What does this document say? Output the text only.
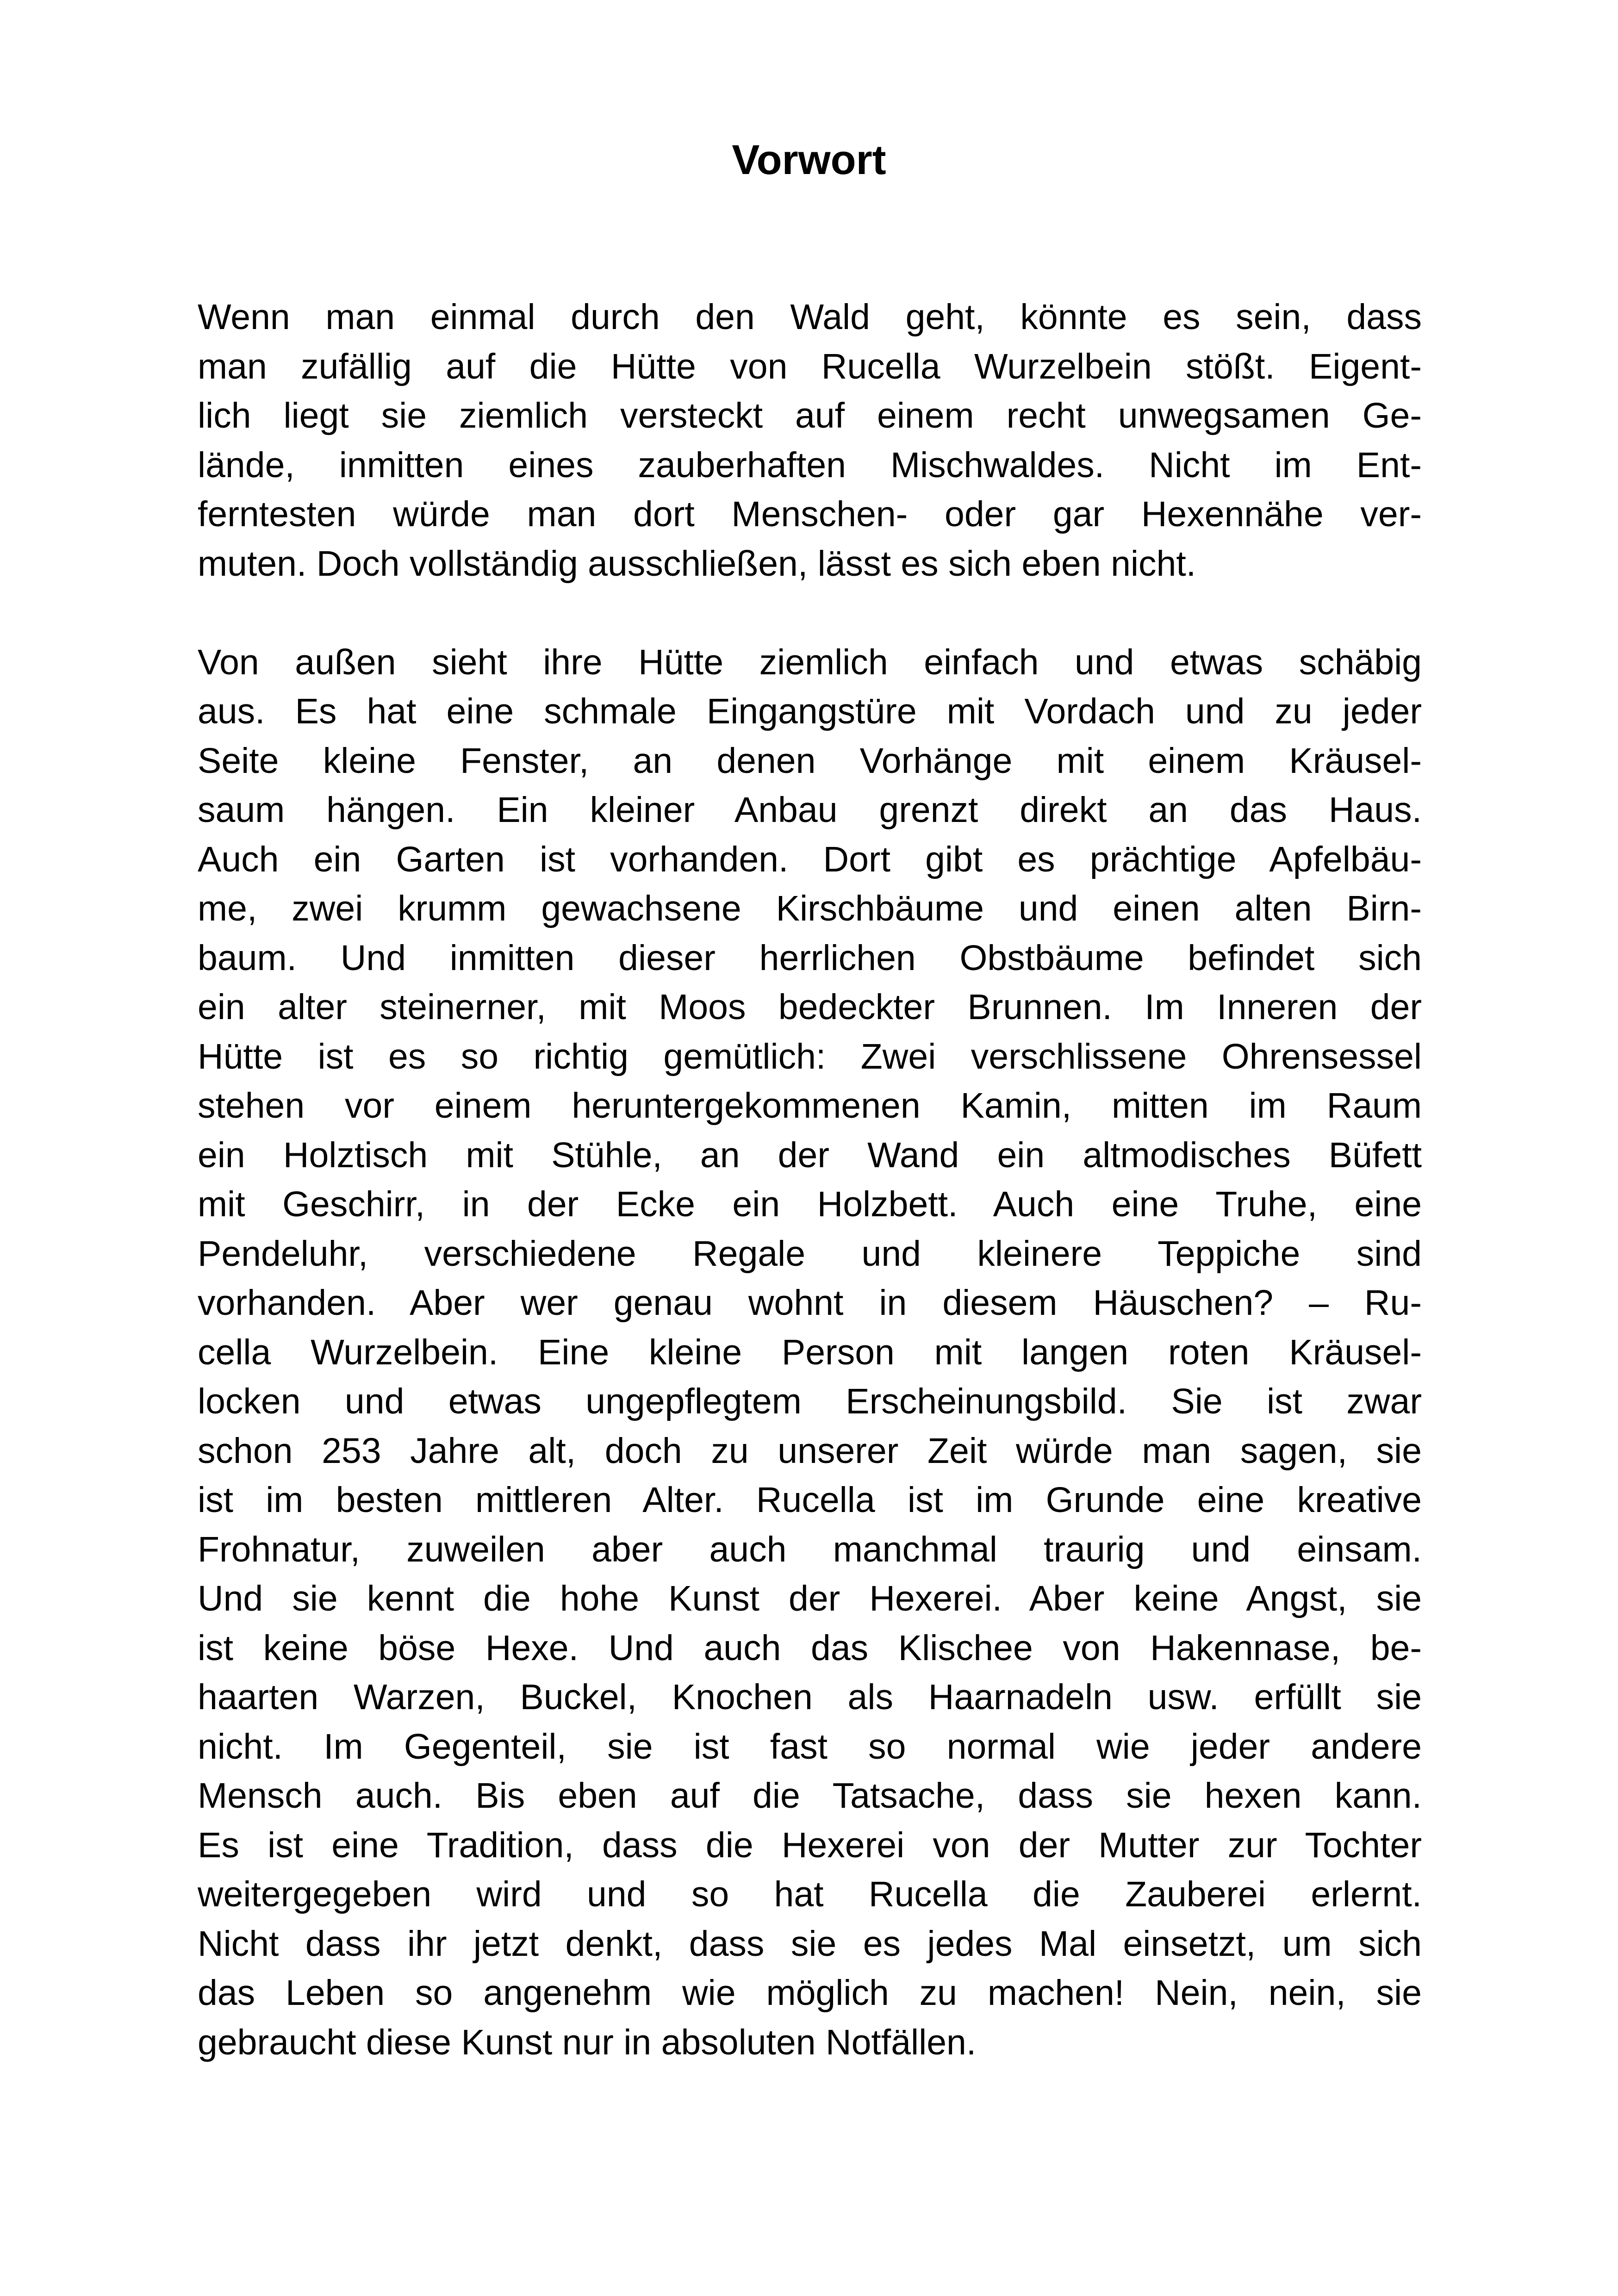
Vorwort
Wenn man einmal durch den Wald geht, könnte es sein, dass
man zufällig auf die Hütte von Rucella Wurzelbein stößt. Eigent-
lich liegt sie ziemlich versteckt auf einem recht unwegsamen Ge-
lände, inmitten eines zauberhaften Mischwaldes. Nicht im Ent-
ferntesten würde man dort Menschen- oder gar Hexennähe ver-
muten. Doch vollständig ausschließen, lässt es sich eben nicht.
Von außen sieht ihre Hütte ziemlich einfach und etwas schäbig
aus. Es hat eine schmale Eingangstüre mit Vordach und zu jeder
Seite kleine Fenster, an denen Vorhänge mit einem Kräusel-
saum hängen. Ein kleiner Anbau grenzt direkt an das Haus.
Auch ein Garten ist vorhanden. Dort gibt es prächtige Apfelbäu-
me, zwei krumm gewachsene Kirschbäume und einen alten Birn-
baum. Und inmitten dieser herrlichen Obstbäume befindet sich
ein alter steinerner, mit Moos bedeckter Brunnen. Im Inneren der
Hütte ist es so richtig gemütlich: Zwei verschlissene Ohrensessel
stehen vor einem heruntergekommenen Kamin, mitten im Raum
ein Holztisch mit Stühle, an der Wand ein altmodisches Büfett
mit Geschirr, in der Ecke ein Holzbett. Auch eine Truhe, eine
Pendeluhr, verschiedene Regale und kleinere Teppiche sind
vorhanden. Aber wer genau wohnt in diesem Häuschen? – Ru-
cella Wurzelbein. Eine kleine Person mit langen roten Kräusel-
locken und etwas ungepflegtem Erscheinungsbild. Sie ist zwar
schon 253 Jahre alt, doch zu unserer Zeit würde man sagen, sie
ist im besten mittleren Alter. Rucella ist im Grunde eine kreative
Frohnatur, zuweilen aber auch manchmal traurig und einsam.
Und sie kennt die hohe Kunst der Hexerei. Aber keine Angst, sie
ist keine böse Hexe. Und auch das Klischee von Hakennase, be-
haarten Warzen, Buckel, Knochen als Haarnadeln usw. erfüllt sie
nicht. Im Gegenteil, sie ist fast so normal wie jeder andere
Mensch auch. Bis eben auf die Tatsache, dass sie hexen kann.
Es ist eine Tradition, dass die Hexerei von der Mutter zur Tochter
weitergegeben wird und so hat Rucella die Zauberei erlernt.
Nicht dass ihr jetzt denkt, dass sie es jedes Mal einsetzt, um sich
das Leben so angenehm wie möglich zu machen! Nein, nein, sie
gebraucht diese Kunst nur in absoluten Notfällen.
